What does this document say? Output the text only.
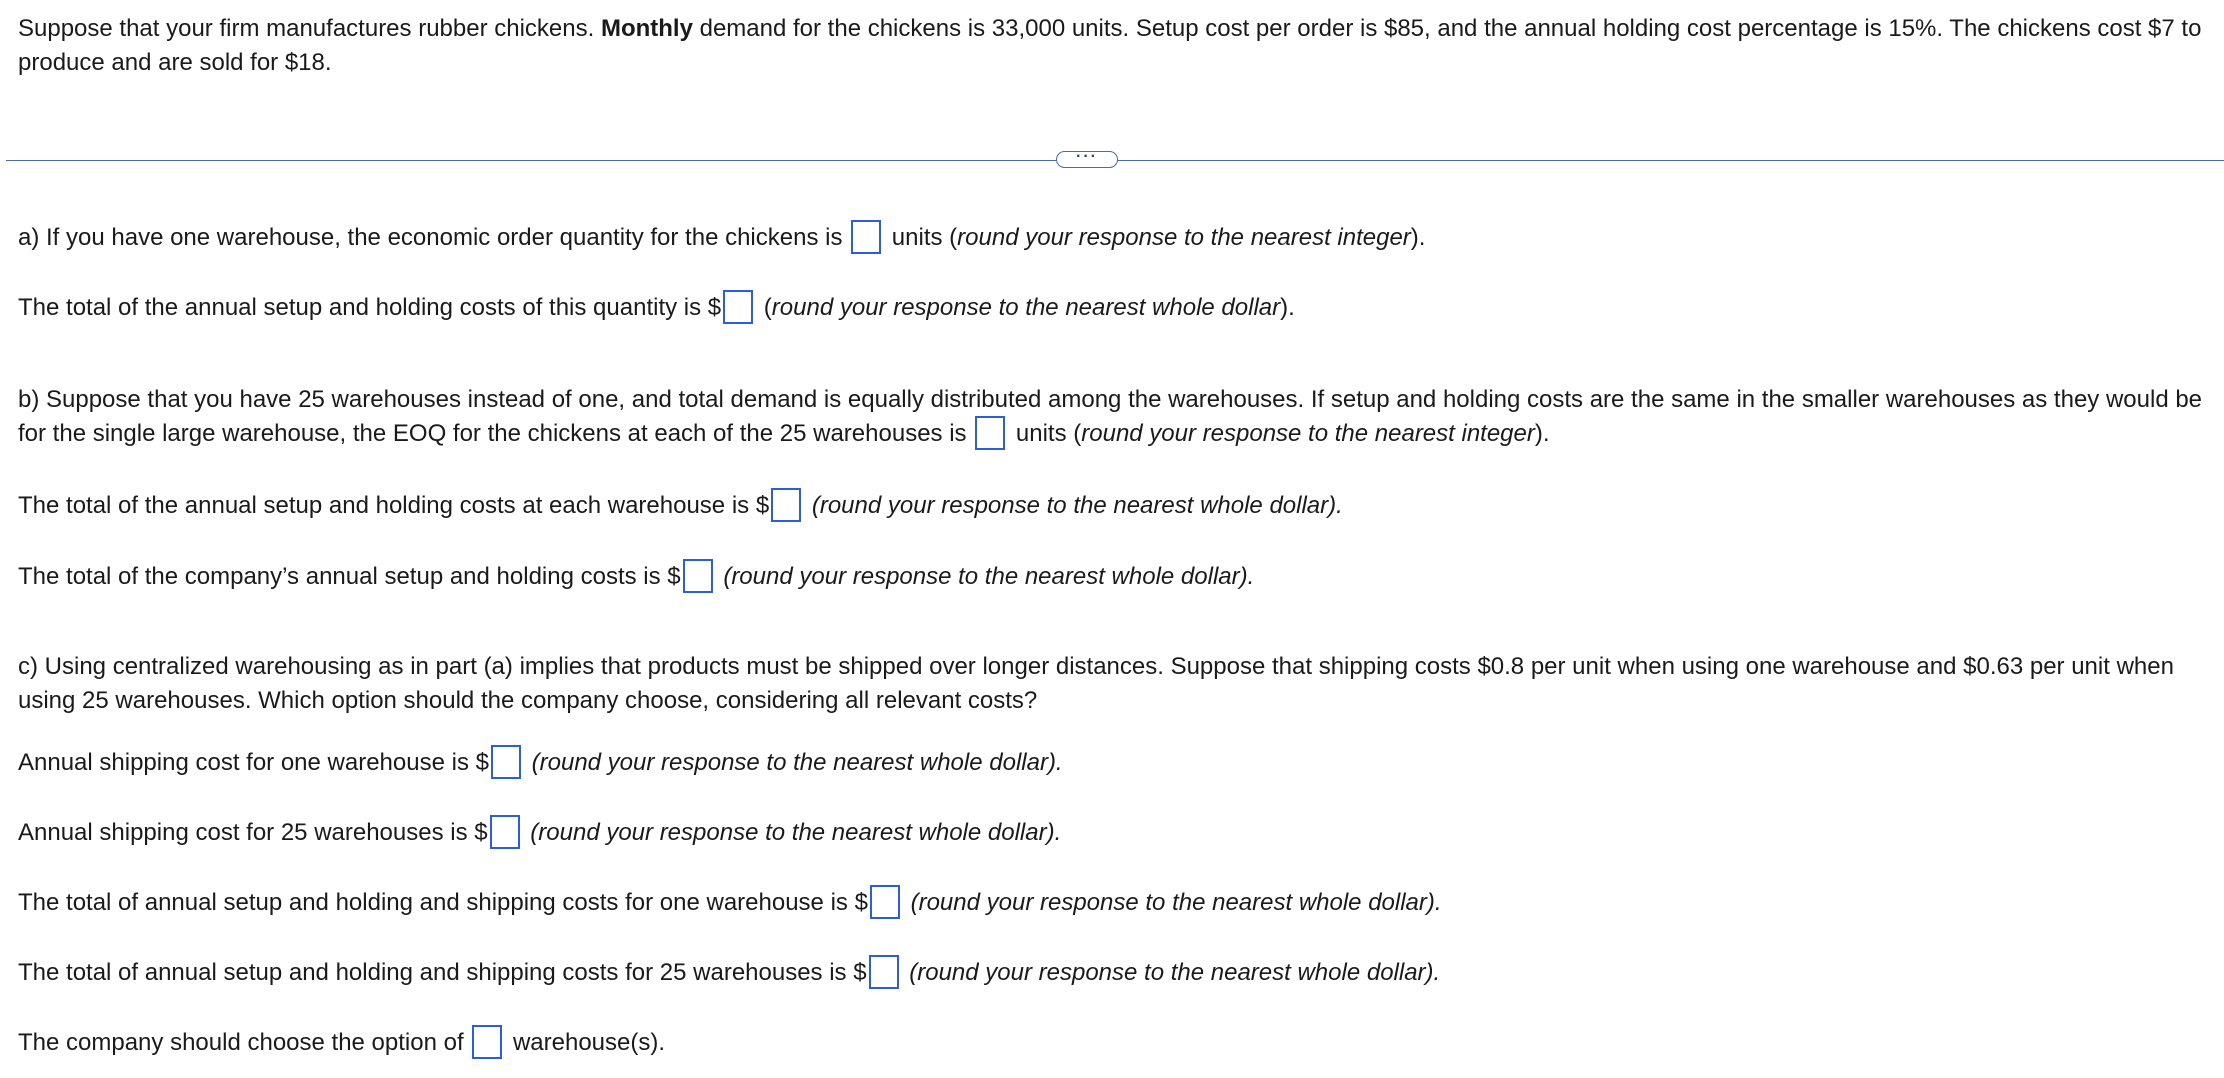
Suppose that your firm manufactures rubber chickens. Monthly demand for the chickens is 33,000 units. Setup cost per order is $85, and the annual holding cost percentage is 15%. The chickens cost $7 to produce and are sold for $18.
···
a) If you have one warehouse, the economic order quantity for the chickens is  units (round your response to the nearest integer).
The total of the annual setup and holding costs of this quantity is $ (round your response to the nearest whole dollar).
b) Suppose that you have 25 warehouses instead of one, and total demand is equally distributed among the warehouses. If setup and holding costs are the same in the smaller warehouses as they would be for the single large warehouse, the EOQ for the chickens at each of the 25 warehouses is  units (round your response to the nearest integer).
The total of the annual setup and holding costs at each warehouse is $ (round your response to the nearest whole dollar).
The total of the company’s annual setup and holding costs is $ (round your response to the nearest whole dollar).
c) Using centralized warehousing as in part (a) implies that products must be shipped over longer distances. Suppose that shipping costs $0.8 per unit when using one warehouse and $0.63 per unit when using 25 warehouses. Which option should the company choose, considering all relevant costs?
Annual shipping cost for one warehouse is $ (round your response to the nearest whole dollar).
Annual shipping cost for 25 warehouses is $ (round your response to the nearest whole dollar).
The total of annual setup and holding and shipping costs for one warehouse is $ (round your response to the nearest whole dollar).
The total of annual setup and holding and shipping costs for 25 warehouses is $ (round your response to the nearest whole dollar).
The company should choose the option of  warehouse(s).
